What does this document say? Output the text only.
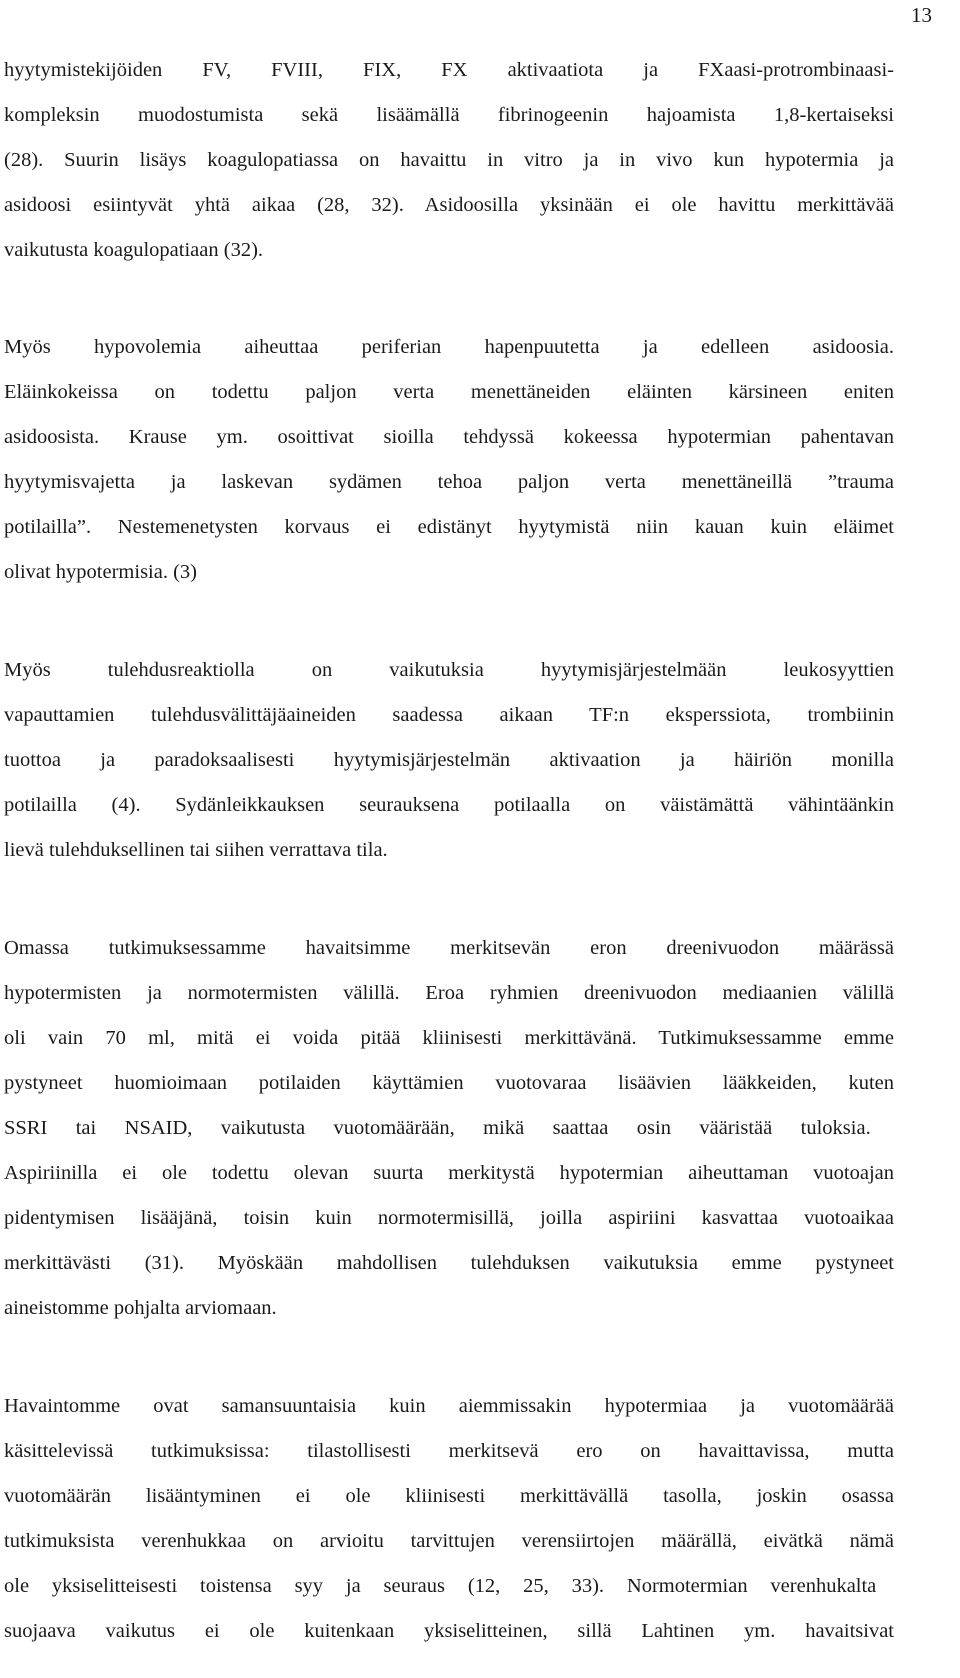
13
hyytymistekijöiden FV, FVIII, FIX, FX aktivaatiota ja FXaasi-protrombinaasi-
kompleksin muodostumista sekä lisäämällä fibrinogeenin hajoamista 1,8-kertaiseksi
(28). Suurin lisäys koagulopatiassa on havaittu in vitro ja in vivo kun hypotermia ja
asidoosi esiintyvät yhtä aikaa (28, 32). Asidoosilla yksinään ei ole havittu merkittävää
vaikutusta koagulopatiaan (32).
Myös hypovolemia aiheuttaa periferian hapenpuutetta ja edelleen asidoosia.
Eläinkokeissa on todettu paljon verta menettäneiden eläinten kärsineen eniten
asidoosista. Krause ym. osoittivat sioilla tehdyssä kokeessa hypotermian pahentavan
hyytymisvajetta ja laskevan sydämen tehoa paljon verta menettäneillä ”trauma
potilailla”. Nestemenetysten korvaus ei edistänyt hyytymistä niin kauan kuin eläimet
olivat hypotermisia. (3)
Myös tulehdusreaktiolla on vaikutuksia hyytymisjärjestelmään leukosyyttien
vapauttamien tulehdusvälittäjäaineiden saadessa aikaan TF:n eksperssiota, trombiinin
tuottoa ja paradoksaalisesti hyytymisjärjestelmän aktivaation ja häiriön monilla
potilailla (4). Sydänleikkauksen seurauksena potilaalla on väistämättä vähintäänkin
lievä tulehduksellinen tai siihen verrattava tila.
Omassa tutkimuksessamme havaitsimme merkitsevän eron dreenivuodon määrässä
hypotermisten ja normotermisten välillä. Eroa ryhmien dreenivuodon mediaanien välillä
oli vain 70 ml, mitä ei voida pitää kliinisesti merkittävänä. Tutkimuksessamme emme
pystyneet huomioimaan potilaiden käyttämien vuotovaraa lisäävien lääkkeiden, kuten
SSRI tai NSAID, vaikutusta vuotomäärään, mikä saattaa osin vääristää tuloksia.
Aspiriinilla ei ole todettu olevan suurta merkitystä hypotermian aiheuttaman vuotoajan
pidentymisen lisääjänä, toisin kuin normotermisillä, joilla aspiriini kasvattaa vuotoaikaa
merkittävästi (31). Myöskään mahdollisen tulehduksen vaikutuksia emme pystyneet
aineistomme pohjalta arviomaan.
Havaintomme ovat samansuuntaisia kuin aiemmissakin hypotermiaa ja vuotomäärää
käsittelevissä tutkimuksissa: tilastollisesti merkitsevä ero on havaittavissa, mutta
vuotomäärän lisääntyminen ei ole kliinisesti merkittävällä tasolla, joskin osassa
tutkimuksista verenhukkaa on arvioitu tarvittujen verensiirtojen määrällä, eivätkä nämä
ole yksiselitteisesti toistensa syy ja seuraus (12, 25, 33). Normotermian verenhukalta
suojaava vaikutus ei ole kuitenkaan yksiselitteinen, sillä Lahtinen ym. havaitsivat
